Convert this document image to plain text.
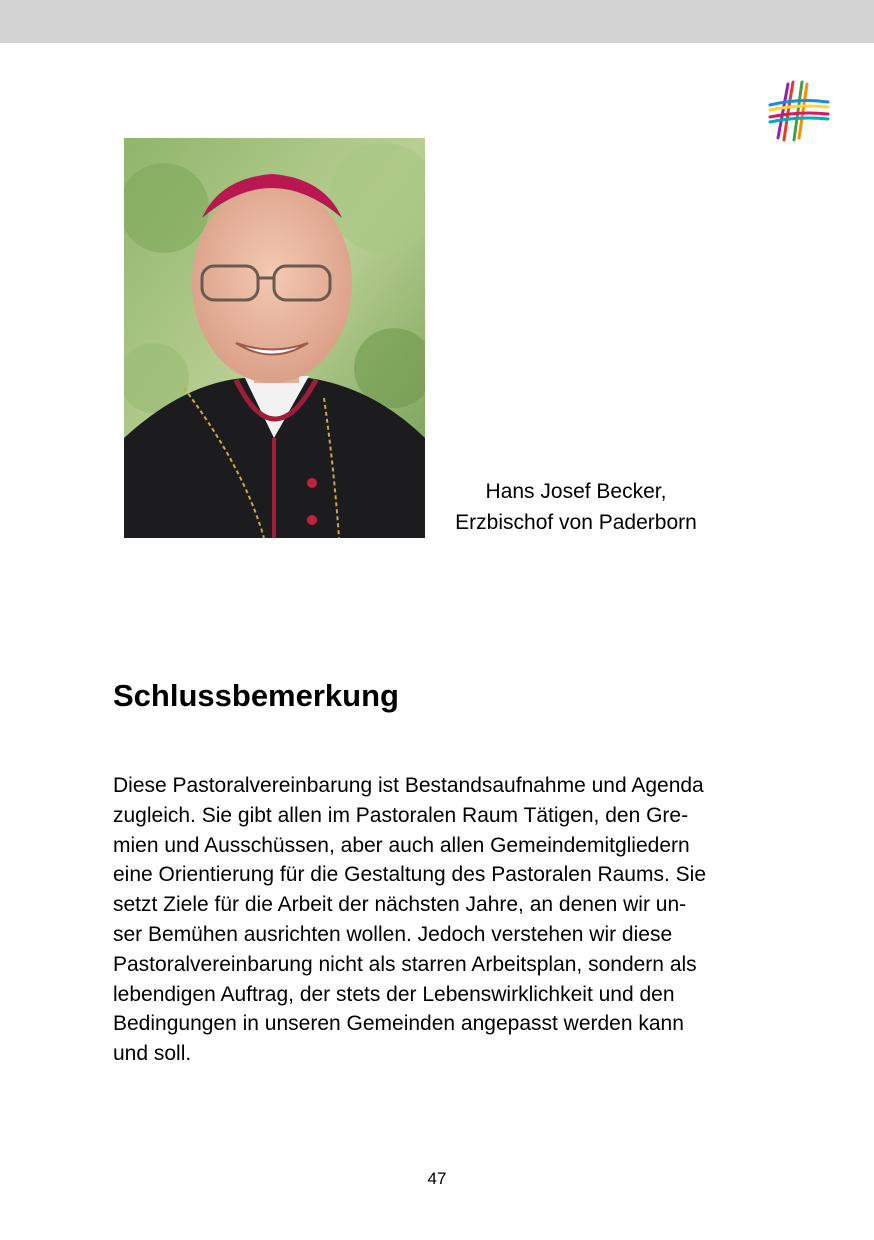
Hans Josef Becker,
Erzbischof von Paderborn
Schlussbemerkung
Diese Pastoralvereinbarung ist Bestandsaufnahme und Agenda
zugleich. Sie gibt allen im Pastoralen Raum Tätigen, den Gre-
mien und Ausschüssen, aber auch allen Gemeindemitgliedern
eine Orientierung für die Gestaltung des Pastoralen Raums. Sie
setzt Ziele für die Arbeit der nächsten Jahre, an denen wir un-
ser Bemühen ausrichten wollen. Jedoch verstehen wir diese
Pastoralvereinbarung nicht als starren Arbeitsplan, sondern als
lebendigen Auftrag, der stets der Lebenswirklichkeit und den
Bedingungen in unseren Gemeinden angepasst werden kann
und soll.
47
